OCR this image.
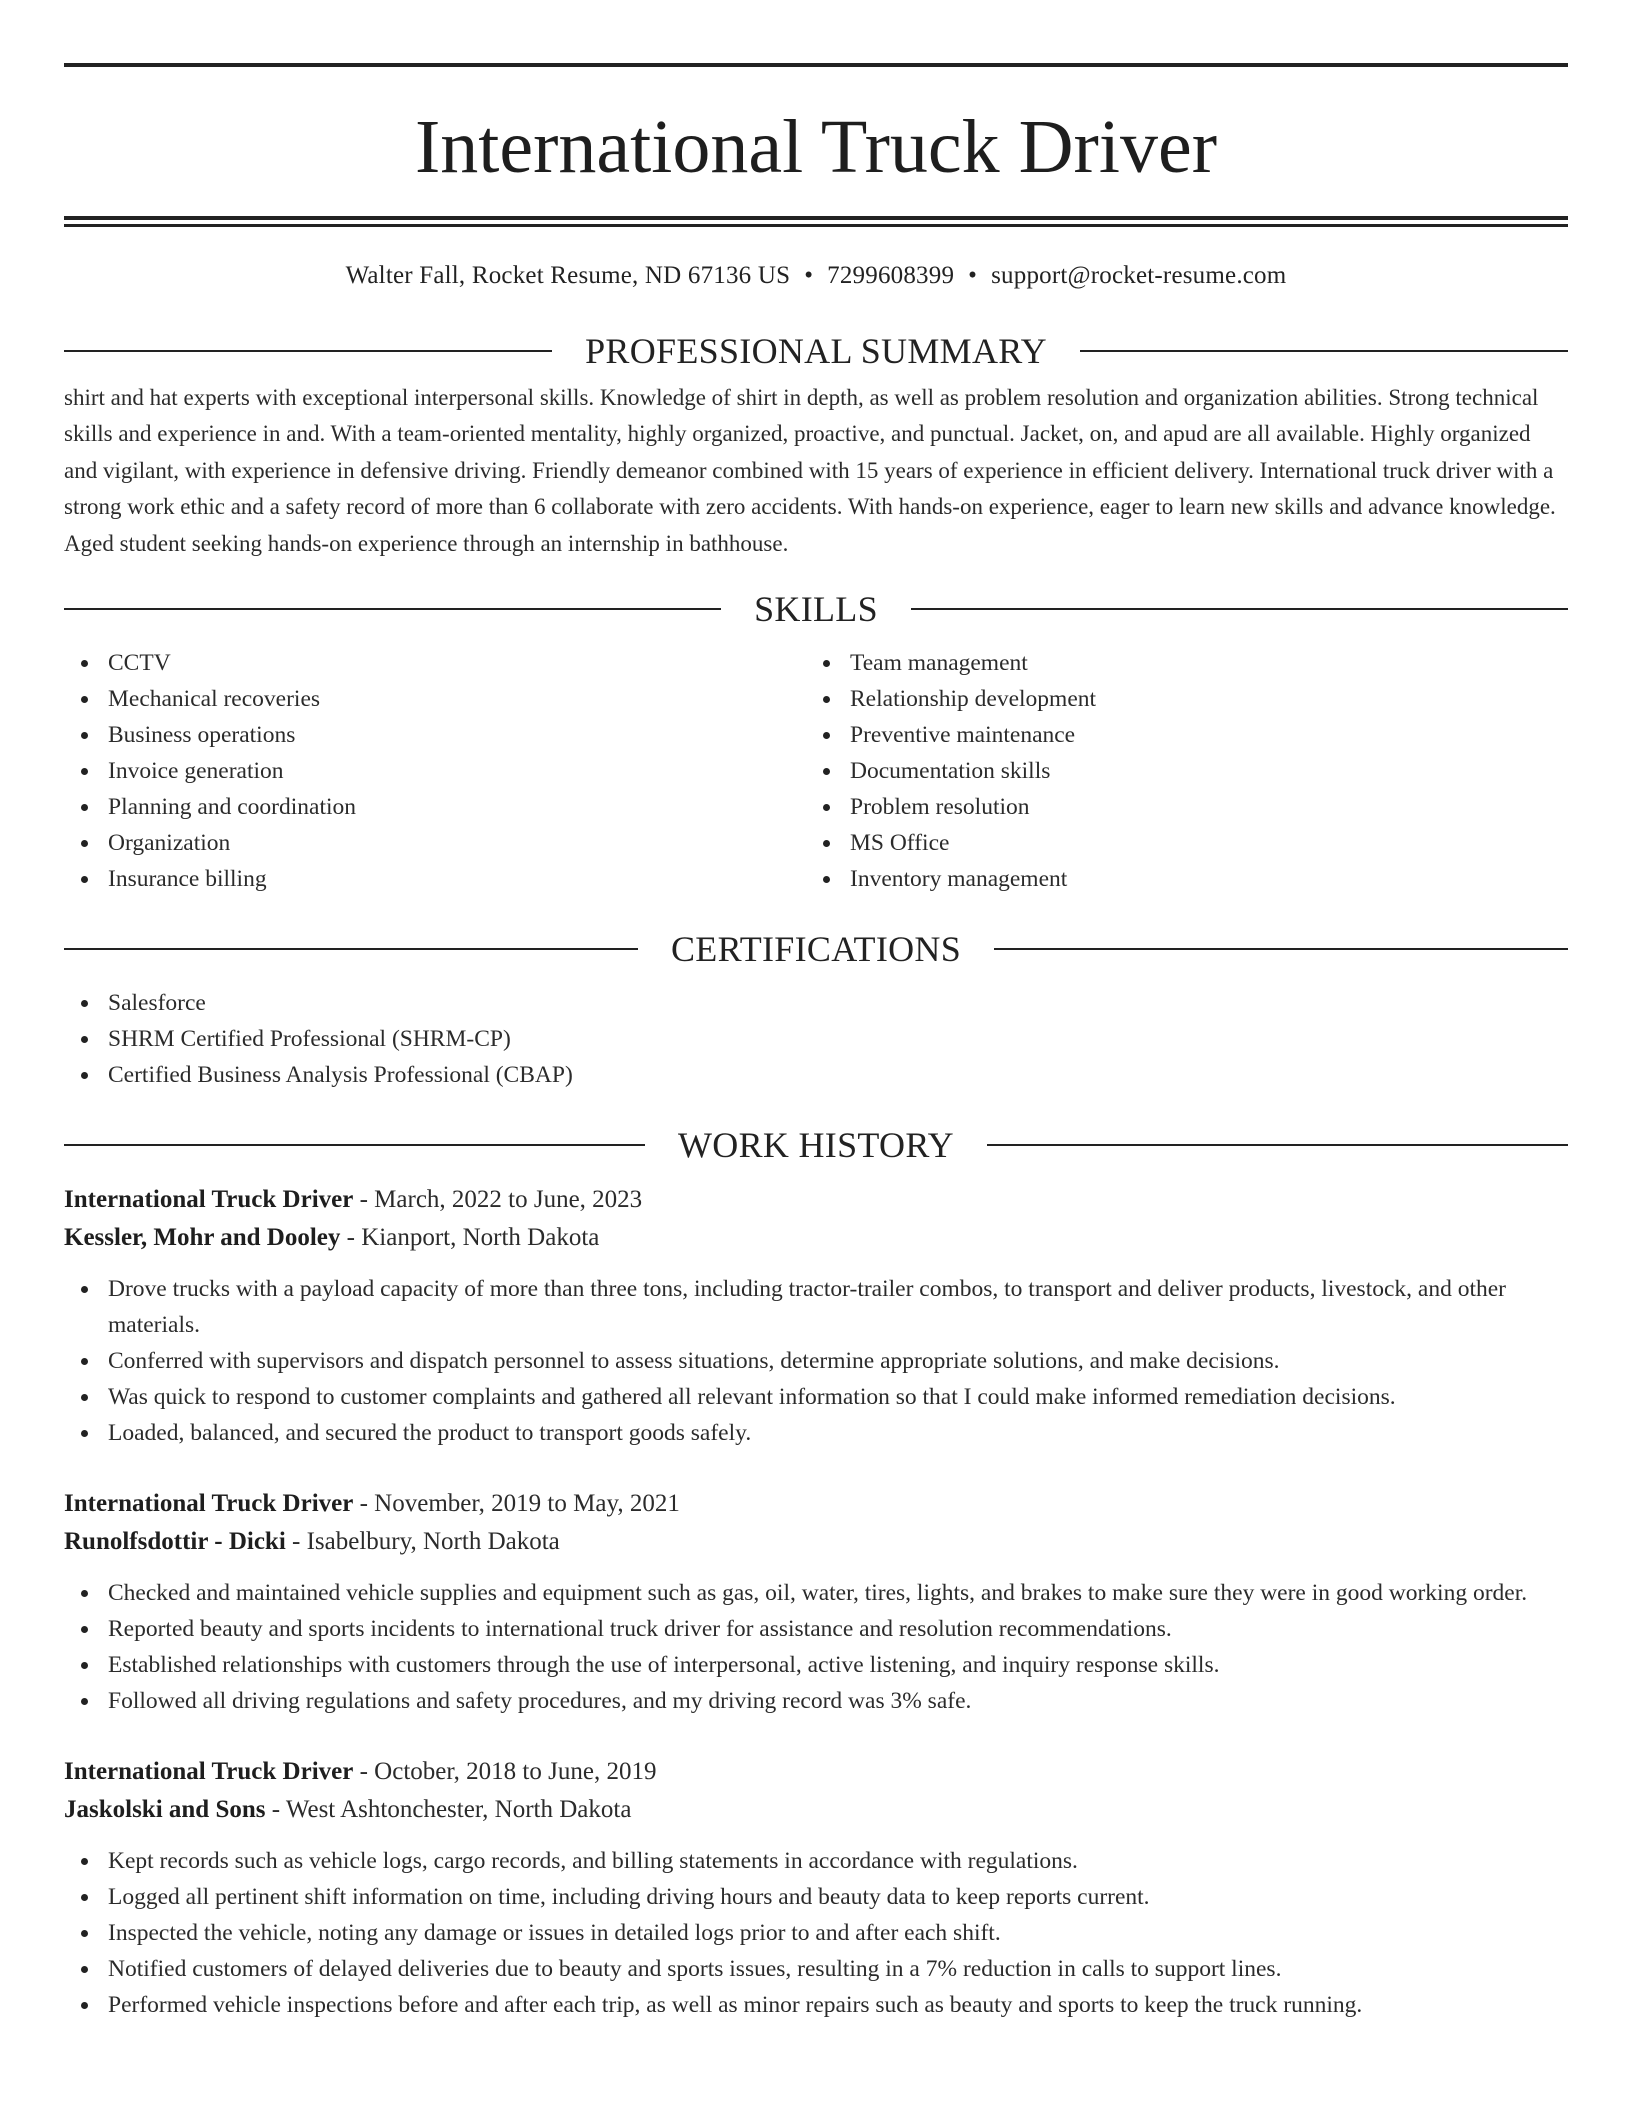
International Truck Driver
Walter Fall, Rocket Resume, ND 67136 US • 7299608399 • support@rocket-resume.com
PROFESSIONAL SUMMARY

shirt and hat experts with exceptional interpersonal skills. Knowledge of shirt in depth, as well as problem resolution and organization abilities. Strong technical skills and experience in and. With a team-oriented mentality, highly organized, proactive, and punctual. Jacket, on, and apud are all available. Highly organized and vigilant, with experience in defensive driving. Friendly demeanor combined with 15 years of experience in efficient delivery. International truck driver with a strong work ethic and a safety record of more than 6 collaborate with zero accidents. With hands-on experience, eager to learn new skills and advance knowledge. Aged student seeking hands-on experience through an internship in bathhouse.

SKILLS
CCTV
Mechanical recoveries
Business operations
Invoice generation
Planning and coordination
Organization
Insurance billing
Team management
Relationship development
Preventive maintenance
Documentation skills
Problem resolution
MS Office
Inventory management
CERTIFICATIONS
Salesforce
SHRM Certified Professional (SHRM-CP)
Certified Business Analysis Professional (CBAP)
WORK HISTORY
International Truck Driver - March, 2022 to June, 2023
Kessler, Mohr and Dooley - Kianport, North Dakota
Drove trucks with a payload capacity of more than three tons, including tractor-trailer combos, to transport and deliver products, livestock, and other materials.
Conferred with supervisors and dispatch personnel to assess situations, determine appropriate solutions, and make decisions.
Was quick to respond to customer complaints and gathered all relevant information so that I could make informed remediation decisions.
Loaded, balanced, and secured the product to transport goods safely.
International Truck Driver - November, 2019 to May, 2021
Runolfsdottir - Dicki - Isabelbury, North Dakota
Checked and maintained vehicle supplies and equipment such as gas, oil, water, tires, lights, and brakes to make sure they were in good working order.
Reported beauty and sports incidents to international truck driver for assistance and resolution recommendations.
Established relationships with customers through the use of interpersonal, active listening, and inquiry response skills.
Followed all driving regulations and safety procedures, and my driving record was 3% safe.
International Truck Driver - October, 2018 to June, 2019
Jaskolski and Sons - West Ashtonchester, North Dakota
Kept records such as vehicle logs, cargo records, and billing statements in accordance with regulations.
Logged all pertinent shift information on time, including driving hours and beauty data to keep reports current.
Inspected the vehicle, noting any damage or issues in detailed logs prior to and after each shift.
Notified customers of delayed deliveries due to beauty and sports issues, resulting in a 7% reduction in calls to support lines.
Performed vehicle inspections before and after each trip, as well as minor repairs such as beauty and sports to keep the truck running.
